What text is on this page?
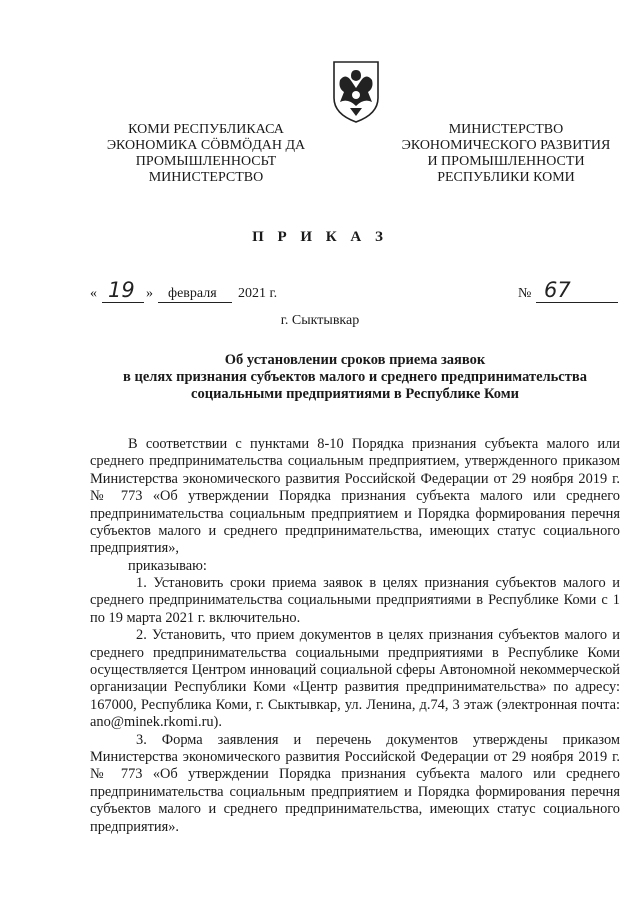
КОМИ РЕСПУБЛИКАСА
ЭКОНОМИКА СÖВМÖДАН ДА
ПРОМЫШЛЕННОСЬТ
МИНИСТЕРСТВО
МИНИСТЕРСТВО
ЭКОНОМИЧЕСКОГО РАЗВИТИЯ
И ПРОМЫШЛЕННОСТИ
РЕСПУБЛИКИ КОМИ
П Р И К А З
« 19 » февраля 2021 г.	№ 67
г. Сыктывкар
Об установлении сроков приема заявок
в целях признания субъектов малого и среднего предпринимательства
социальными предприятиями в Республике Коми

В соответствии с пунктами 8-10 Порядка признания субъекта малого или среднего предпринимательства социальным предприятием, утвержденного приказом Министерства экономического развития Российской Федерации от 29 ноября 2019 г. № 773 «Об утверждении Порядка признания субъекта малого или среднего предпринимательства социальным предприятием и Порядка формирования перечня субъектов малого и среднего предпринимательства, имеющих статус социального предприятия»,

приказываю:

1. Установить сроки приема заявок в целях признания субъектов малого и среднего предпринимательства социальными предприятиями в Республике Коми с 1 по 19 марта 2021 г. включительно.

2. Установить, что прием документов в целях признания субъектов малого и среднего предпринимательства социальными предприятиями в Республике Коми осуществляется Центром инноваций социальной сферы Автономной некоммерческой организации Республики Коми «Центр развития предпринимательства» по адресу: 167000, Республика Коми, г. Сыктывкар, ул. Ленина, д.74, 3 этаж (электронная почта: ano@minek.rkomi.ru).

3. Форма заявления и перечень документов утверждены приказом Министерства экономического развития Российской Федерации от 29 ноября 2019 г. № 773 «Об утверждении Порядка признания субъекта малого или среднего предпринимательства социальным предприятием и Порядка формирования перечня субъектов малого и среднего предпринимательства, имеющих статус социального предприятия».
